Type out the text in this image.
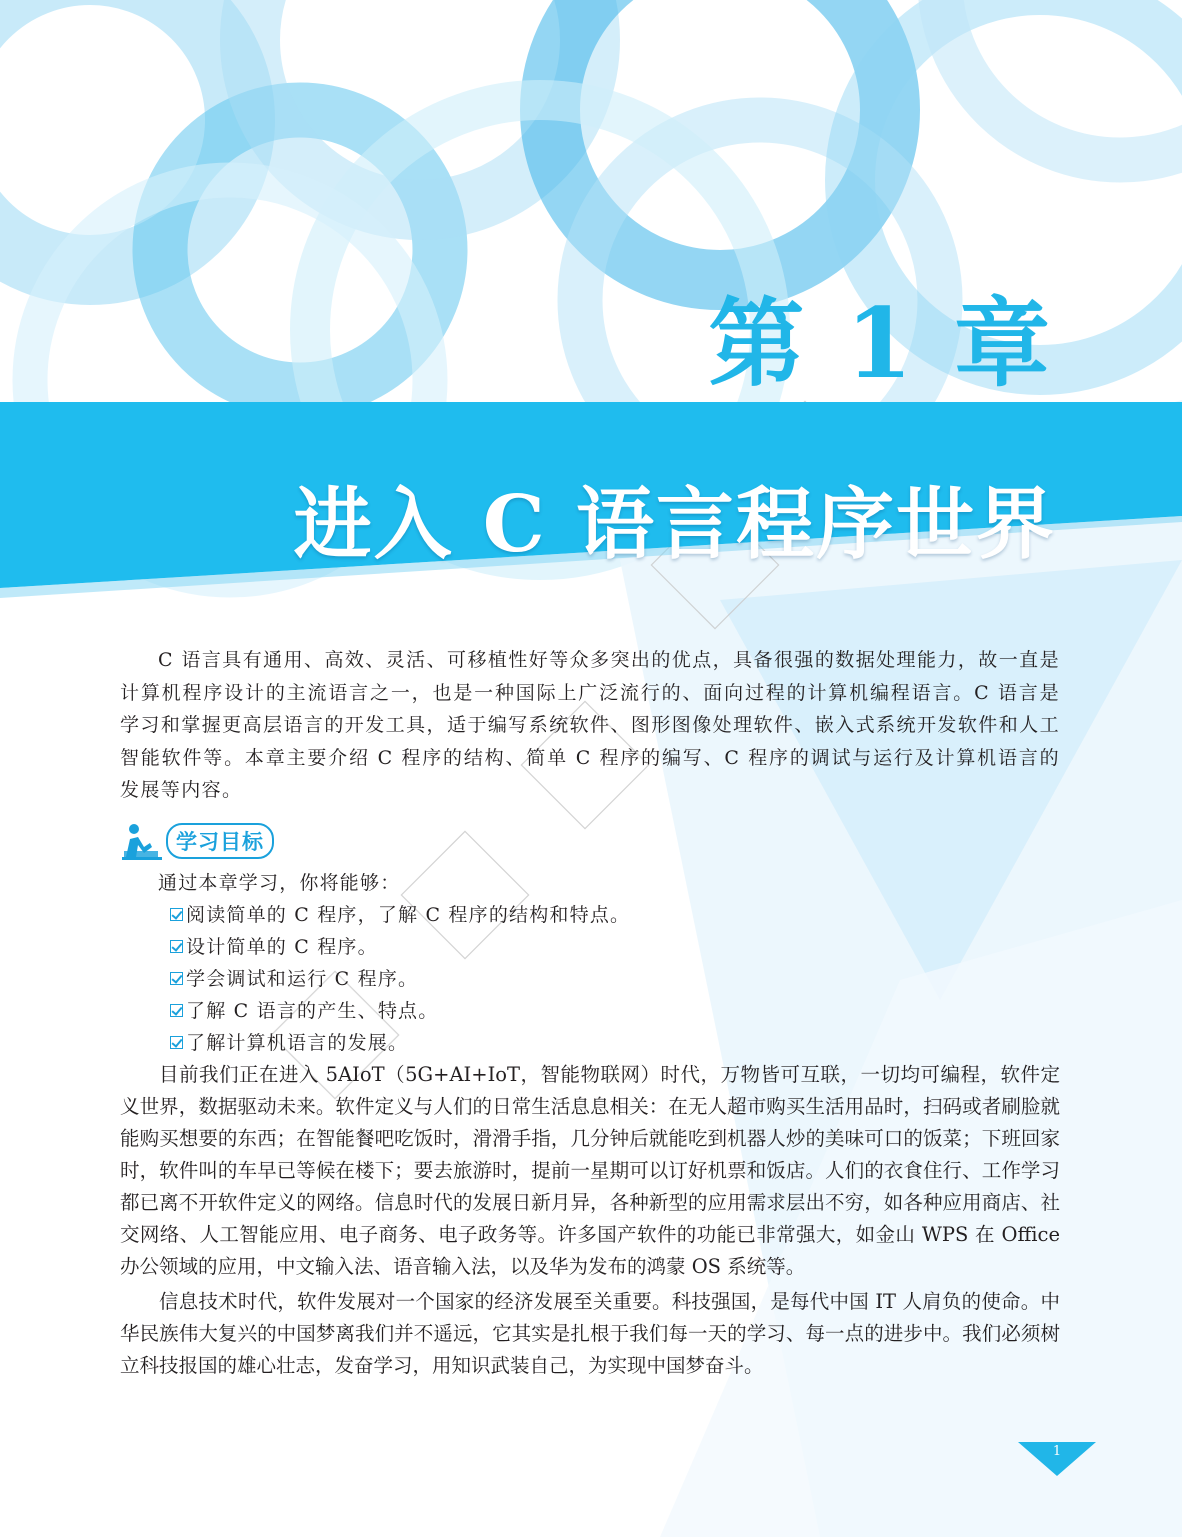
第 1 章
进入 C 语言程序世界

C 语言具有通用、高效、灵活、可移植性好等众多突出的优点，具备很强的数据处理能力，故一直是计算机程序设计的主流语言之一，也是一种国际上广泛流行的、面向过程的计算机编程语言。C 语言是学习和掌握更高层语言的开发工具，适于编写系统软件、图形图像处理软件、嵌入式系统开发软件和人工智能软件等。本章主要介绍 C 程序的结构、简单 C 程序的编写、C 程序的调试与运行及计算机语言的发展等内容。

学习目标

通过本章学习，你将能够：

阅读简单的 C 程序，了解 C 程序的结构和特点。
设计简单的 C 程序。
学会调试和运行 C 程序。
了解 C 语言的产生、特点。
了解计算机语言的发展。

目前我们正在进入 5AIoT（5G+AI+IoT，智能物联网）时代，万物皆可互联，一切均可编程，软件定义世界，数据驱动未来。软件定义与人们的日常生活息息相关：在无人超市购买生活用品时，扫码或者刷脸就能购买想要的东西；在智能餐吧吃饭时，滑滑手指，几分钟后就能吃到机器人炒的美味可口的饭菜；下班回家时，软件叫的车早已等候在楼下；要去旅游时，提前一星期可以订好机票和饭店。人们的衣食住行、工作学习都已离不开软件定义的网络。信息时代的发展日新月异，各种新型的应用需求层出不穷，如各种应用商店、社交网络、人工智能应用、电子商务、电子政务等。许多国产软件的功能已非常强大，如金山 WPS 在 Office 办公领域的应用，中文输入法、语音输入法，以及华为发布的鸿蒙 OS 系统等。

信息技术时代，软件发展对一个国家的经济发展至关重要。科技强国，是每代中国 IT 人肩负的使命。中华民族伟大复兴的中国梦离我们并不遥远，它其实是扎根于我们每一天的学习、每一点的进步中。我们必须树立科技报国的雄心壮志，发奋学习，用知识武装自己，为实现中国梦奋斗。

1
